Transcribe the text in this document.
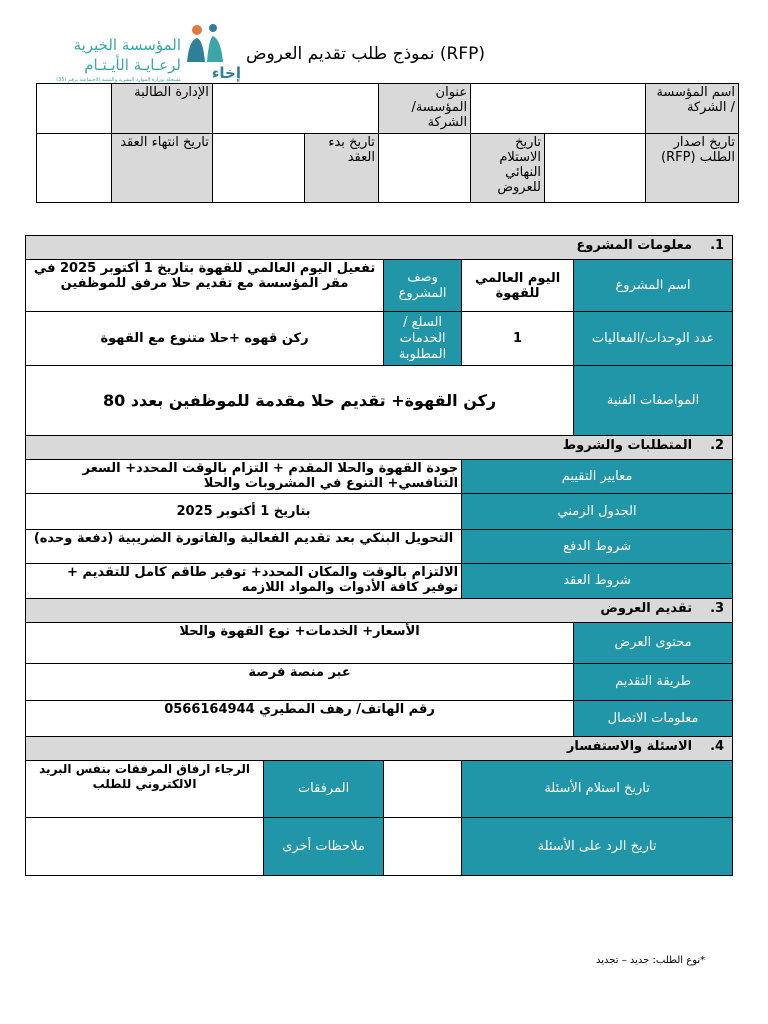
إخاء
المؤسسة الخيرية
لرعـايـة الأيـتـام
مسجلة بوزارة الموارد البشرية والتنمية الاجتماعية برقم (35)
نموذج طلب تقديم العروض (RFP)
اسم المؤسسة / الشركة			عنوان المؤسسة/ الشركة			الإدارة الطالبة	
تاريخ اصدار الطلب (RFP)		تاريخ الاستلام النهائي للعروض		تاريخ بدء العقد		تاريخ انتهاء العقد	
1.معلومات المشروع				
اسم المشروع	اليوم العالمي للقهوة	وصف المشروع	تفعيل اليوم العالمي للقهوة بتاريخ 1 أكتوبر 2025 في مقر المؤسسة مع تقديم حلا مرفق للموظفين	
عدد الوحدات/الفعاليات	1	السلع /الخدمات المطلوبة	ركن قهوه +حلا متنوع مع القهوة	
المواصفات الفنية	ركن القهوة+ تقديم حلا مقدمة للموظفين بعدد 80			
2.المتطلبات والشروط				
معايير التقييم		جودة القهوة والحلا المقدم + التزام بالوقت المحدد+ السعر التنافسي+ التنوع في المشروبات والحلا		
الجدول الزمني		بتاريخ 1 أكتوبر 2025		
شروط الدفع		التحويل البنكي بعد تقديم الفعالية والفاتورة الضريبية (دفعة وحده)		
شروط العقد		الالتزام بالوقت والمكان المحدد+ توفير طاقم كامل للتقديم + توفير كافة الأدوات والمواد اللازمه		
3.تقديم العروض				
محتوى العرض	الأسعار+ الخدمات+ نوع القهوة والحلا			
طريقة التقديم	عبر منصة فرصة			
معلومات الاتصال	رقم الهاتف/ رهف المطيري 0566164944			
4.الاسئلة والاستفسار				
تاريخ استلام الأسئلة			المرفقات	الرجاء ارفاق المرفقات بنفس البريد الالكتروني للطلب
تاريخ الرد على الأسئلة			ملاحظات أخرى	
*نوع الطلب: جديد – تجديد
